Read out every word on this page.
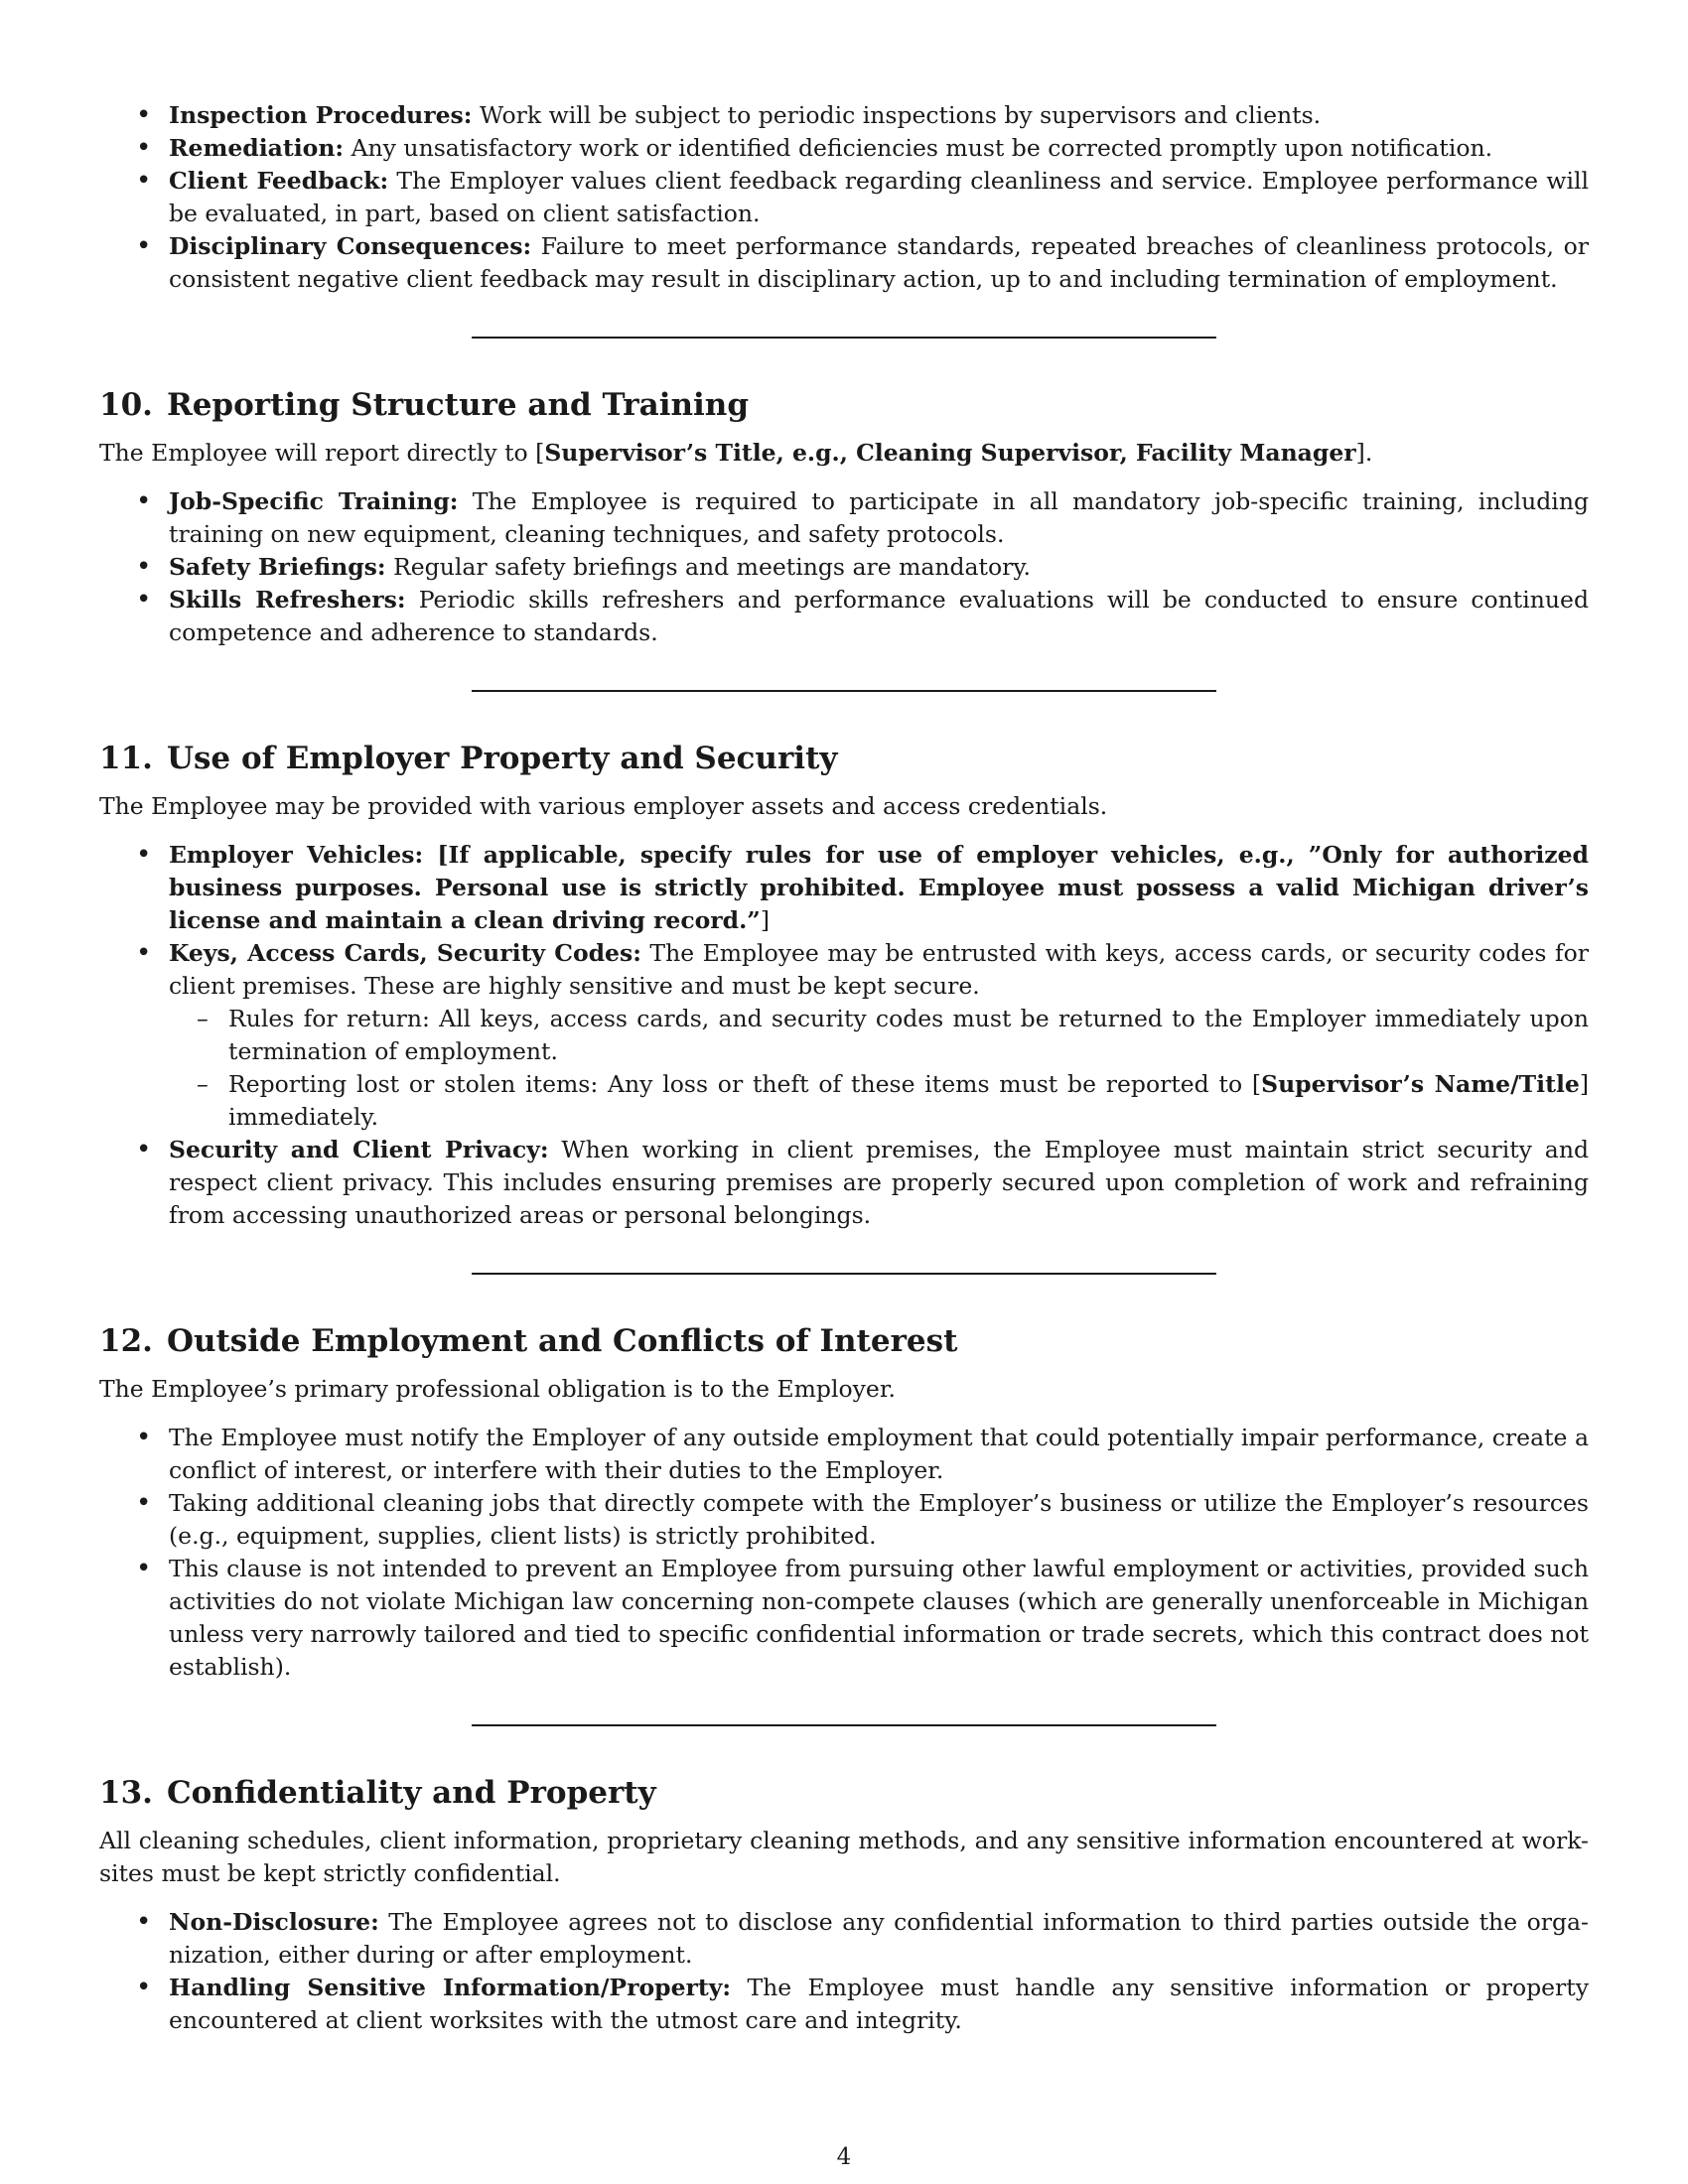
• Inspection Procedures: Work will be subject to periodic inspections by supervisors and clients.
• Remediation: Any unsatisfactory work or identified deficiencies must be corrected promptly upon notification.
• Client Feedback: The Employer values client feedback regarding cleanliness and service. Employee performance will be evaluated, in part, based on client satisfaction.
• Disciplinary Consequences: Failure to meet performance standards, repeated breaches of cleanliness protocols, or consistent negative client feedback may result in disciplinary action, up to and including termination of employment.
10. Reporting Structure and Training

The Employee will report directly to [Supervisor’s Title, e.g., Cleaning Supervisor, Facility Manager].

• Job-Specific Training: The Employee is required to participate in all mandatory job-specific training, including training on new equipment, cleaning techniques, and safety protocols.
• Safety Briefings: Regular safety briefings and meetings are mandatory.
• Skills Refreshers: Periodic skills refreshers and performance evaluations will be conducted to ensure continued competence and adherence to standards.
11. Use of Employer Property and Security

The Employee may be provided with various employer assets and access credentials.

• Employer Vehicles: [If applicable, specify rules for use of employer vehicles, e.g., ”Only for authorized business purposes. Personal use is strictly prohibited. Employee must possess a valid Michigan driver’s license and maintain a clean driving record.”]
• Keys, Access Cards, Security Codes: The Employee may be entrusted with keys, access cards, or security codes for client premises. These are highly sensitive and must be kept secure.
– Rules for return: All keys, access cards, and security codes must be returned to the Employer immediately upon termination of employment.
– Reporting lost or stolen items: Any loss or theft of these items must be reported to [Supervisor’s Name/Title] immediately.
• Security and Client Privacy: When working in client premises, the Employee must maintain strict security and respect client privacy. This includes ensuring premises are properly secured upon completion of work and refraining from accessing unauthorized areas or personal belongings.
12. Outside Employment and Conflicts of Interest

The Employee’s primary professional obligation is to the Employer.

• The Employee must notify the Employer of any outside employment that could potentially impair performance, create a conflict of interest, or interfere with their duties to the Employer.
• Taking additional cleaning jobs that directly compete with the Employer’s business or utilize the Employer’s resources (e.g., equipment, supplies, client lists) is strictly prohibited.
• This clause is not intended to prevent an Employee from pursuing other lawful employment or activities, provided such activities do not violate Michigan law concerning non-compete clauses (which are generally unenforceable in Michigan unless very narrowly tailored and tied to specific confidential information or trade secrets, which this contract does not establish).
13. Confidentiality and Property

All cleaning schedules, client information, proprietary cleaning methods, and any sensitive information encountered at work-sites must be kept strictly confidential.

• Non-Disclosure: The Employee agrees not to disclose any confidential information to third parties outside the orga-nization, either during or after employment.
• Handling Sensitive Information/Property: The Employee must handle any sensitive information or property encountered at client worksites with the utmost care and integrity.
4
